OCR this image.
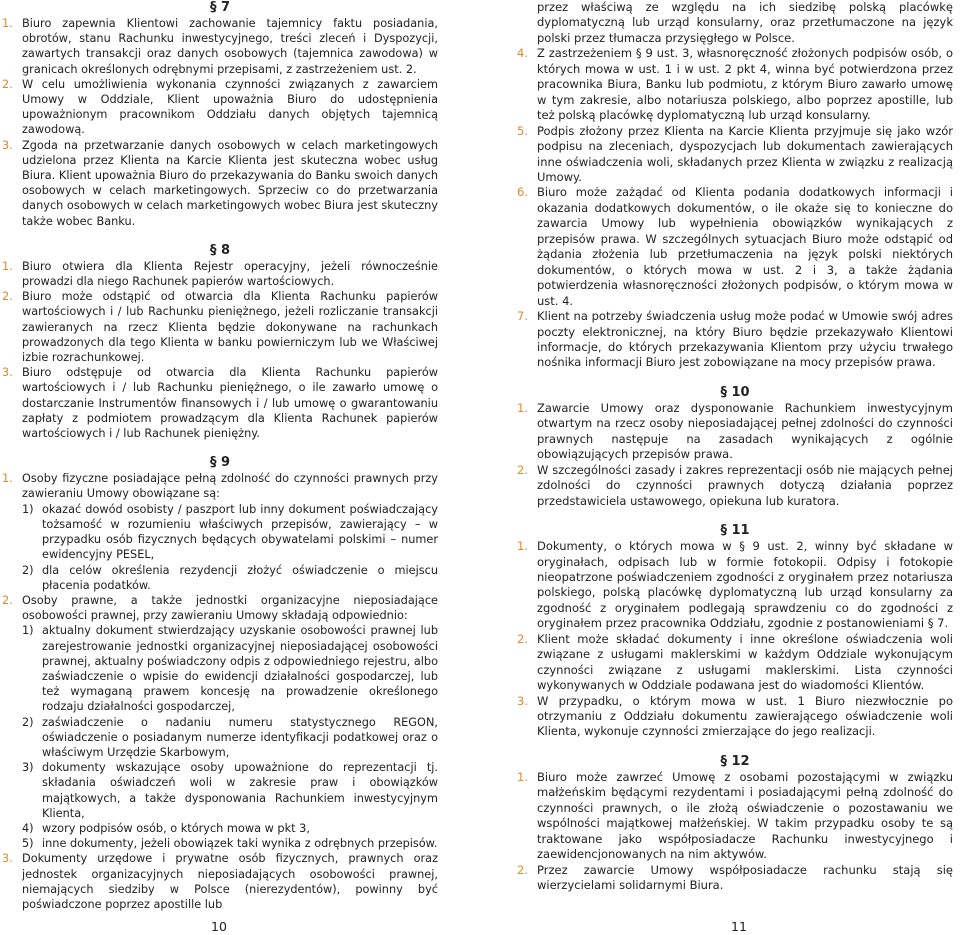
§ 7

1. Biuro zapewnia Klientowi zachowanie tajemnicy faktu posiadania, obrotów, stanu Rachunku inwestycyjnego, treści zleceń i Dyspozycji, zawartych transakcji oraz danych osobowych (tajemnica zawodowa) w granicach określonych odrębnymi przepisami, z zastrzeżeniem ust. 2.
2. W celu umożliwienia wykonania czynności związanych z zawarciem Umowy w Oddziale, Klient upoważnia Biuro do udostępnienia upoważnionym pracownikom Oddziału danych objętych tajemnicą zawodową.
3. Zgoda na przetwarzanie danych osobowych w celach marketingowych udzielona przez Klienta na Karcie Klienta jest skuteczna wobec usług Biura. Klient upoważnia Biuro do przekazywania do Banku swoich danych osobowych w celach marketingowych. Sprzeciw co do przetwarzania danych osobowych w celach marketingowych wobec Biura jest skuteczny także wobec Banku.

§ 8

1. Biuro otwiera dla Klienta Rejestr operacyjny, jeżeli równocześnie prowadzi dla niego Rachunek papierów wartościowych.
2. Biuro może odstąpić od otwarcia dla Klienta Rachunku papierów wartościowych i / lub Rachunku pieniężnego, jeżeli rozliczanie transakcji zawieranych na rzecz Klienta będzie dokonywane na rachunkach prowadzonych dla tego Klienta w banku powierniczym lub we Właściwej izbie rozrachunkowej.
3. Biuro odstępuje od otwarcia dla Klienta Rachunku papierów wartościowych i / lub Rachunku pieniężnego, o ile zawarło umowę o dostarczanie Instrumentów finansowych i / lub umowę o gwarantowaniu zapłaty z podmiotem prowadzącym dla Klienta Rachunek papierów wartościowych i / lub Rachunek pieniężny.

§ 9

1. Osoby fizyczne posiadające pełną zdolność do czynności prawnych przy zawieraniu Umowy obowiązane są:
1) okazać dowód osobisty / paszport lub inny dokument poświadczający tożsamość w rozumieniu właściwych przepisów, zawierający – w przypadku osób fizycznych będących obywatelami polskimi – numer ewidencyjny PESEL,
2) dla celów określenia rezydencji złożyć oświadczenie o miejscu płacenia podatków.
2. Osoby prawne, a także jednostki organizacyjne nieposiadające osobowości prawnej, przy zawieraniu Umowy składają odpowiednio:
1) aktualny dokument stwierdzający uzyskanie osobowości prawnej lub zarejestrowanie jednostki organizacyjnej nieposiadającej osobowości prawnej, aktualny poświadczony odpis z odpowiedniego rejestru, albo zaświadczenie o wpisie do ewidencji działalności gospodarczej, lub też wymaganą prawem koncesję na prowadzenie określonego rodzaju działalności gospodarczej,
2) zaświadczenie o nadaniu numeru statystycznego REGON, oświadczenie o posiadanym numerze identyfikacji podatkowej oraz o właściwym Urzędzie Skarbowym,
3) dokumenty wskazujące osoby upoważnione do reprezentacji tj. składania oświadczeń woli w zakresie praw i obowiązków majątkowych, a także dysponowania Rachunkiem inwestycyjnym Klienta,
4) wzory podpisów osób, o których mowa w pkt 3,
5) inne dokumenty, jeżeli obowiązek taki wynika z odrębnych przepisów.
3. Dokumenty urzędowe i prywatne osób fizycznych, prawnych oraz jednostek organizacyjnych nieposiadających osobowości prawnej, niemających siedziby w Polsce (nierezydentów), powinny być poświadczone poprzez apostille lub
10
przez właściwą ze względu na ich siedzibę polską placówkę dyplomatyczną lub urząd konsularny, oraz przetłumaczone na język polski przez tłumacza przysięgłego w Polsce.
4. Z zastrzeżeniem § 9 ust. 3, własnoręczność złożonych podpisów osób, o których mowa w ust. 1 i w ust. 2 pkt 4, winna być potwierdzona przez pracownika Biura, Banku lub podmiotu, z którym Biuro zawarło umowę w tym zakresie, albo notariusza polskiego, albo poprzez apostille, lub też polską placówkę dyplomatyczną lub urząd konsularny.
5. Podpis złożony przez Klienta na Karcie Klienta przyjmuje się jako wzór podpisu na zleceniach, dyspozycjach lub dokumentach zawierających inne oświadczenia woli, składanych przez Klienta w związku z realizacją Umowy.
6. Biuro może zażądać od Klienta podania dodatkowych informacji i okazania dodatkowych dokumentów, o ile okaże się to konieczne do zawarcia Umowy lub wypełnienia obowiązków wynikających z przepisów prawa. W szczególnych sytuacjach Biuro może odstąpić od żądania złożenia lub przetłumaczenia na język polski niektórych dokumentów, o których mowa w ust. 2 i 3, a także żądania potwierdzenia własnoręczności złożonych podpisów, o którym mowa w ust. 4.
7. Klient na potrzeby świadczenia usług może podać w Umowie swój adres poczty elektronicznej, na który Biuro będzie przekazywało Klientowi informacje, do których przekazywania Klientom przy użyciu trwałego nośnika informacji Biuro jest zobowiązane na mocy przepisów prawa.

§ 10

1. Zawarcie Umowy oraz dysponowanie Rachunkiem inwestycyjnym otwartym na rzecz osoby nieposiadającej pełnej zdolności do czynności prawnych następuje na zasadach wynikających z ogólnie obowiązujących przepisów prawa.
2. W szczególności zasady i zakres reprezentacji osób nie mających pełnej zdolności do czynności prawnych dotyczą działania poprzez przedstawiciela ustawowego, opiekuna lub kuratora.

§ 11

1. Dokumenty, o których mowa w § 9 ust. 2, winny być składane w oryginałach, odpisach lub w formie fotokopii. Odpisy i fotokopie nieopatrzone poświadczeniem zgodności z oryginałem przez notariusza polskiego, polską placówkę dyplomatyczną lub urząd konsularny za zgodność z oryginałem podlegają sprawdzeniu co do zgodności z oryginałem przez pracownika Oddziału, zgodnie z postanowieniami § 7.
2. Klient może składać dokumenty i inne określone oświadczenia woli związane z usługami maklerskimi w każdym Oddziale wykonującym czynności związane z usługami maklerskimi. Lista czynności wykonywanych w Oddziale podawana jest do wiadomości Klientów.
3. W przypadku, o którym mowa w ust. 1 Biuro niezwłocznie po otrzymaniu z Oddziału dokumentu zawierającego oświadczenie woli Klienta, wykonuje czynności zmierzające do jego realizacji.

§ 12

1. Biuro może zawrzeć Umowę z osobami pozostającymi w związku małżeńskim będącymi rezydentami i posiadającymi pełną zdolność do czynności prawnych, o ile złożą oświadczenie o pozostawaniu we wspólności majątkowej małżeńskiej. W takim przypadku osoby te są traktowane jako współposiadacze Rachunku inwestycyjnego i zaewidencjonowanych na nim aktywów.
2. Przez zawarcie Umowy współposiadacze rachunku stają się wierzycielami solidarnymi Biura.
11
